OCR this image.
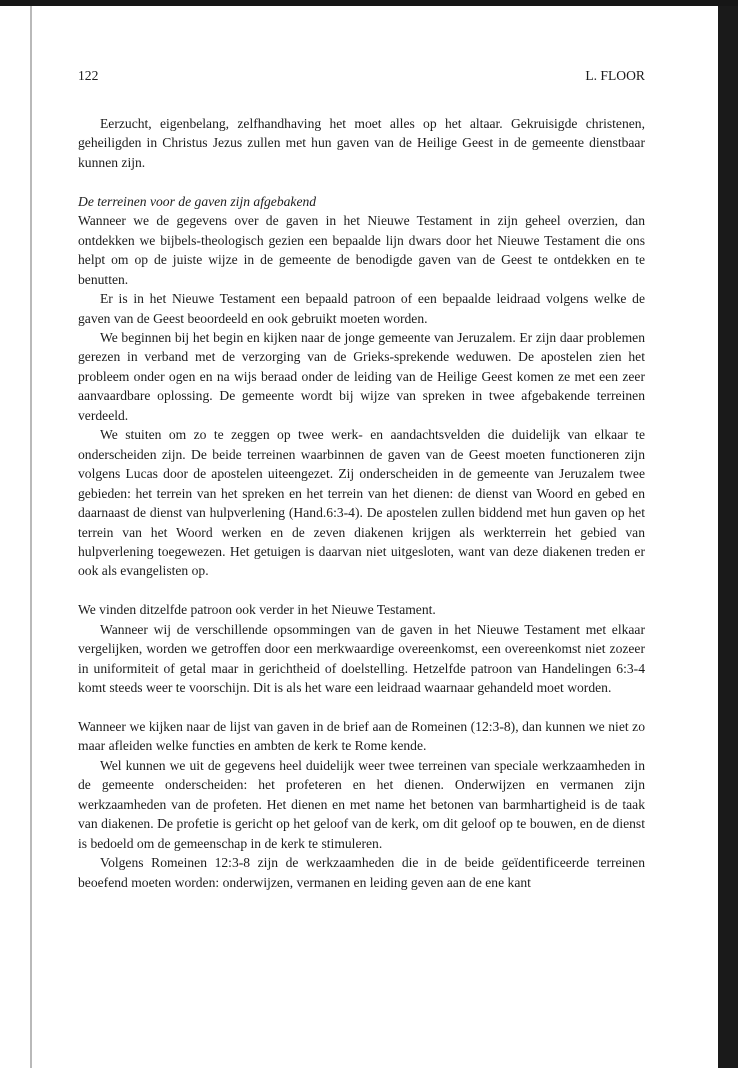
122	L. FLOOR

Eerzucht, eigenbelang, zelfhandhaving het moet alles op het altaar. Gekruisigde christenen, geheiligden in Christus Jezus zullen met hun gaven van de Heilige Geest in de gemeente dienstbaar kunnen zijn.

De terreinen voor de gaven zijn afgebakend

Wanneer we de gegevens over de gaven in het Nieuwe Testament in zijn geheel overzien, dan ontdekken we bijbels-theologisch gezien een bepaalde lijn dwars door het Nieuwe Testament die ons helpt om op de juiste wijze in de gemeente de benodigde gaven van de Geest te ontdekken en te benutten.

Er is in het Nieuwe Testament een bepaald patroon of een bepaalde leidraad volgens welke de gaven van de Geest beoordeeld en ook gebruikt moeten worden.

We beginnen bij het begin en kijken naar de jonge gemeente van Jeruzalem. Er zijn daar problemen gerezen in verband met de verzorging van de Grieks-sprekende weduwen. De apostelen zien het probleem onder ogen en na wijs beraad onder de leiding van de Heilige Geest komen ze met een zeer aanvaardbare oplossing. De gemeente wordt bij wijze van spreken in twee afgebakende terreinen verdeeld.

We stuiten om zo te zeggen op twee werk- en aandachtsvelden die duidelijk van elkaar te onderscheiden zijn. De beide terreinen waarbinnen de gaven van de Geest moeten functioneren zijn volgens Lucas door de apostelen uiteengezet. Zij onderscheiden in de gemeente van Jeruzalem twee gebieden: het terrein van het spreken en het terrein van het dienen: de dienst van Woord en gebed en daarnaast de dienst van hulpverlening (Hand.6:3-4). De apostelen zullen biddend met hun gaven op het terrein van het Woord werken en de zeven diakenen krijgen als werkterrein het gebied van hulpverlening toegewezen. Het getuigen is daarvan niet uitgesloten, want van deze diakenen treden er ook als evangelisten op.

We vinden ditzelfde patroon ook verder in het Nieuwe Testament.

Wanneer wij de verschillende opsommingen van de gaven in het Nieuwe Testament met elkaar vergelijken, worden we getroffen door een merkwaardige overeenkomst, een overeenkomst niet zozeer in uniformiteit of getal maar in gerichtheid of doelstelling. Hetzelfde patroon van Handelingen 6:3-4 komt steeds weer te voorschijn. Dit is als het ware een leidraad waarnaar gehandeld moet worden.

Wanneer we kijken naar de lijst van gaven in de brief aan de Romeinen (12:3-8), dan kunnen we niet zo maar afleiden welke functies en ambten de kerk te Rome kende.

Wel kunnen we uit de gegevens heel duidelijk weer twee terreinen van speciale werkzaamheden in de gemeente onderscheiden: het profeteren en het dienen. Onderwijzen en vermanen zijn werkzaamheden van de profeten. Het dienen en met name het betonen van barmhartigheid is de taak van diakenen. De profetie is gericht op het geloof van de kerk, om dit geloof op te bouwen, en de dienst is bedoeld om de gemeenschap in de kerk te stimuleren.

Volgens Romeinen 12:3-8 zijn de werkzaamheden die in de beide geïdentificeerde terreinen beoefend moeten worden: onderwijzen, vermanen en leiding geven aan de ene kant
